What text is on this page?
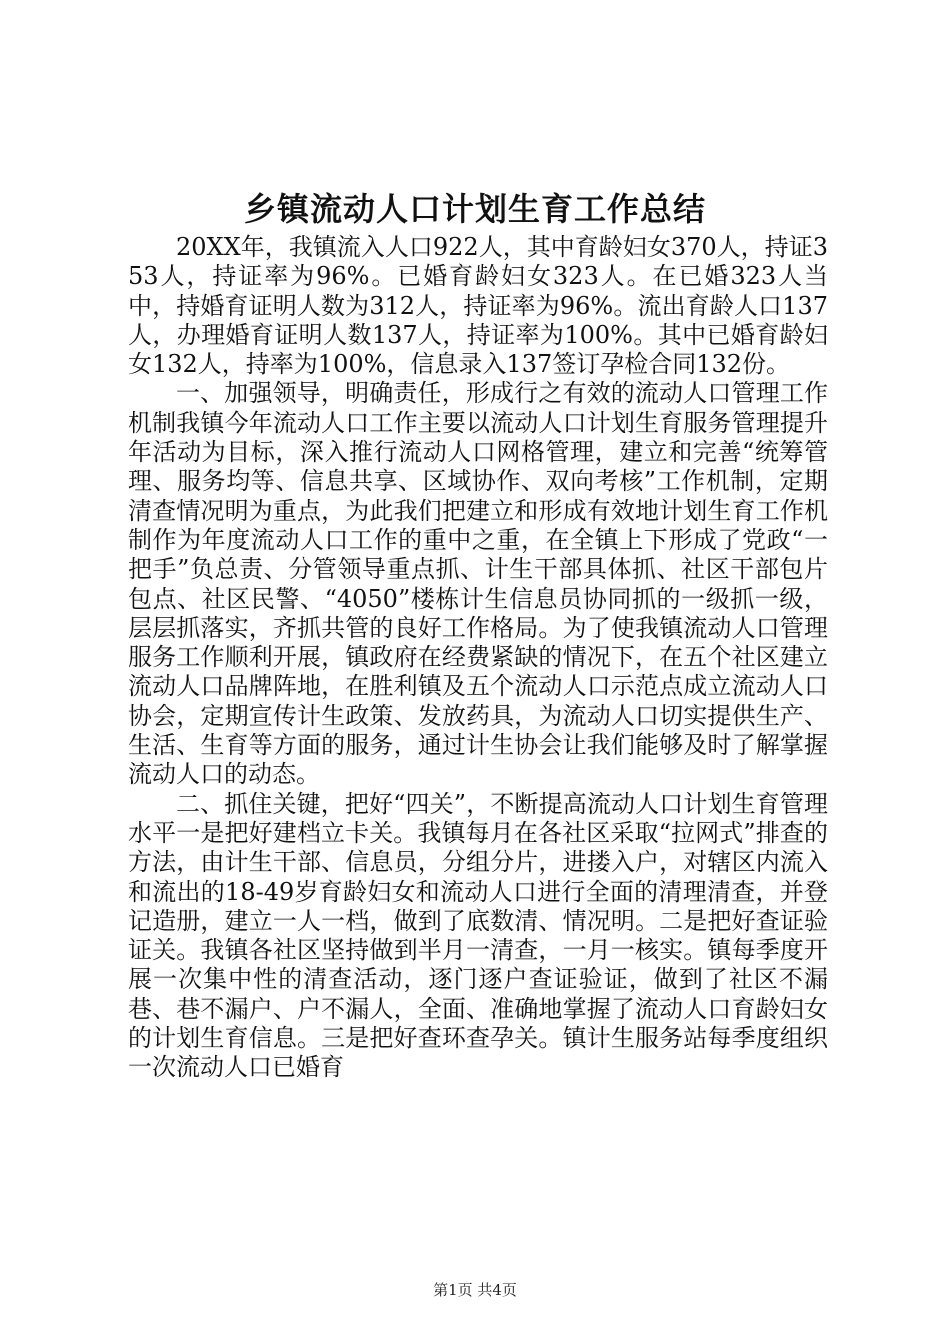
乡镇流动人口计划生育工作总结

20XX年，我镇流入人口922人，其中育龄妇女370人，持证353人，持证率为96%。已婚育龄妇女323人。在已婚323人当中，持婚育证明人数为312人，持证率为96%。流出育龄人口137人，办理婚育证明人数137人，持证率为100%。其中已婚育龄妇女132人，持率为100%，信息录入137签订孕检合同132份。

一、加强领导，明确责任，形成行之有效的流动人口管理工作机制我镇今年流动人口工作主要以流动人口计划生育服务管理提升年活动为目标，深入推行流动人口网格管理，建立和完善“统筹管理、服务均等、信息共享、区域协作、双向考核”工作机制，定期清查情况明为重点，为此我们把建立和形成有效地计划生育工作机制作为年度流动人口工作的重中之重，在全镇上下形成了党政“一把手”负总责、分管领导重点抓、计生干部具体抓、社区干部包片包点、社区民警、“4050”楼栋计生信息员协同抓的一级抓一级，层层抓落实，齐抓共管的良好工作格局。为了使我镇流动人口管理服务工作顺利开展，镇政府在经费紧缺的情况下，在五个社区建立流动人口品牌阵地，在胜利镇及五个流动人口示范点成立流动人口协会，定期宣传计生政策、发放药具，为流动人口切实提供生产、生活、生育等方面的服务，通过计生协会让我们能够及时了解掌握流动人口的动态。

二、抓住关键，把好“四关”，不断提高流动人口计划生育管理水平一是把好建档立卡关。我镇每月在各社区采取“拉网式”排查的方法，由计生干部、信息员，分组分片，进搂入户，对辖区内流入和流出的18-49岁育龄妇女和流动人口进行全面的清理清查，并登记造册，建立一人一档，做到了底数清、情况明。二是把好查证验证关。我镇各社区坚持做到半月一清查，一月一核实。镇每季度开展一次集中性的清查活动，逐门逐户查证验证，做到了社区不漏巷、巷不漏户、户不漏人，全面、准确地掌握了流动人口育龄妇女的计划生育信息。三是把好查环查孕关。镇计生服务站每季度组织一次流动人口已婚育

第1页 共4页
